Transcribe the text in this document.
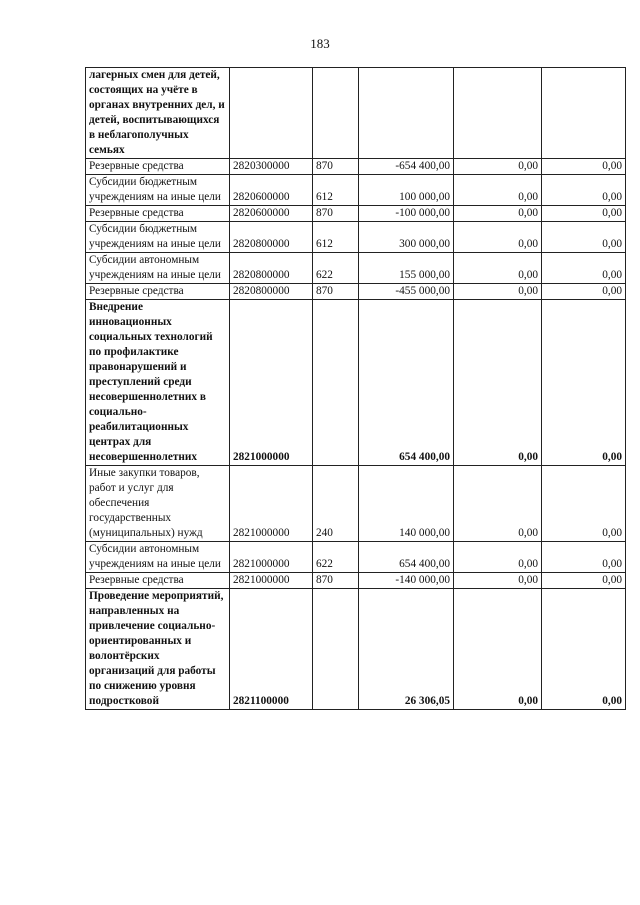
183
лагерных смен для детей, состоящих на учёте в органах внутренних дел, и детей, воспитывающихся в неблагополучных семьях					
Резервные средства	2820300000	870	-654 400,00	0,00	0,00
Субсидии бюджетным учреждениям на иные цели	2820600000	612	100 000,00	0,00	0,00
Резервные средства	2820600000	870	-100 000,00	0,00	0,00
Субсидии бюджетным учреждениям на иные цели	2820800000	612	300 000,00	0,00	0,00
Субсидии автономным учреждениям на иные цели	2820800000	622	155 000,00	0,00	0,00
Резервные средства	2820800000	870	-455 000,00	0,00	0,00
Внедрение инновационных социальных технологий по профилактике правонарушений и преступлений среди несовершеннолетних в социально-реабилитационных центрах для несовершеннолетних	2821000000		654 400,00	0,00	0,00
Иные закупки товаров, работ и услуг для обеспечения государственных (муниципальных) нужд	2821000000	240	140 000,00	0,00	0,00
Субсидии автономным учреждениям на иные цели	2821000000	622	654 400,00	0,00	0,00
Резервные средства	2821000000	870	-140 000,00	0,00	0,00
Проведение мероприятий, направленных на привлечение социально-ориентированных и волонтёрских организаций для работы по снижению уровня подростковой	2821100000		26 306,05	0,00	0,00
